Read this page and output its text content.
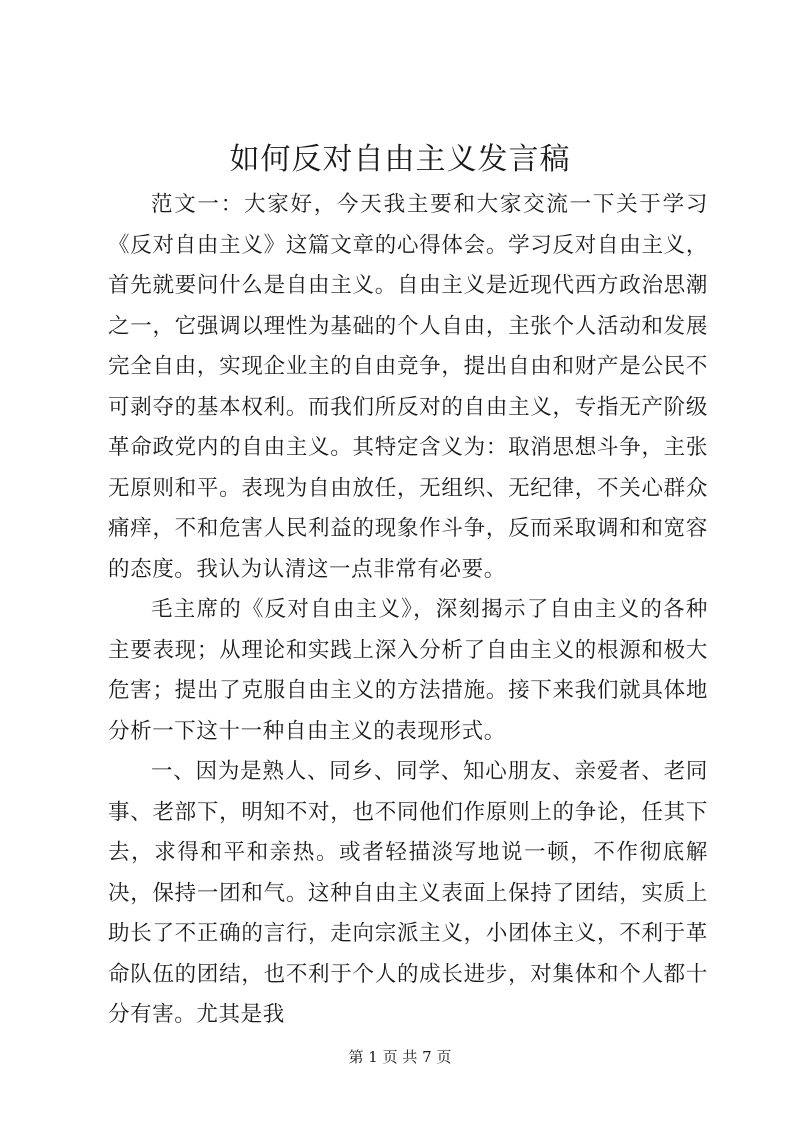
如何反对自由主义发言稿

范文一：大家好，今天我主要和大家交流一下关于学习《反对自由主义》这篇文章的心得体会。学习反对自由主义，首先就要问什么是自由主义。自由主义是近现代西方政治思潮之一，它强调以理性为基础的个人自由，主张个人活动和发展完全自由，实现企业主的自由竞争，提出自由和财产是公民不可剥夺的基本权利。而我们所反对的自由主义，专指无产阶级革命政党内的自由主义。其特定含义为：取消思想斗争，主张无原则和平。表现为自由放任，无组织、无纪律，不关心群众痛痒，不和危害人民利益的现象作斗争，反而采取调和和宽容的态度。我认为认清这一点非常有必要。

毛主席的《反对自由主义》，深刻揭示了自由主义的各种主要表现；从理论和实践上深入分析了自由主义的根源和极大危害；提出了克服自由主义的方法措施。接下来我们就具体地分析一下这十一种自由主义的表现形式。

一、因为是熟人、同乡、同学、知心朋友、亲爱者、老同事、老部下，明知不对，也不同他们作原则上的争论，任其下去，求得和平和亲热。或者轻描淡写地说一顿，不作彻底解决，保持一团和气。这种自由主义表面上保持了团结，实质上助长了不正确的言行，走向宗派主义，小团体主义，不利于革命队伍的团结，也不利于个人的成长进步，对集体和个人都十分有害。尤其是我

第 1 页 共 7 页
